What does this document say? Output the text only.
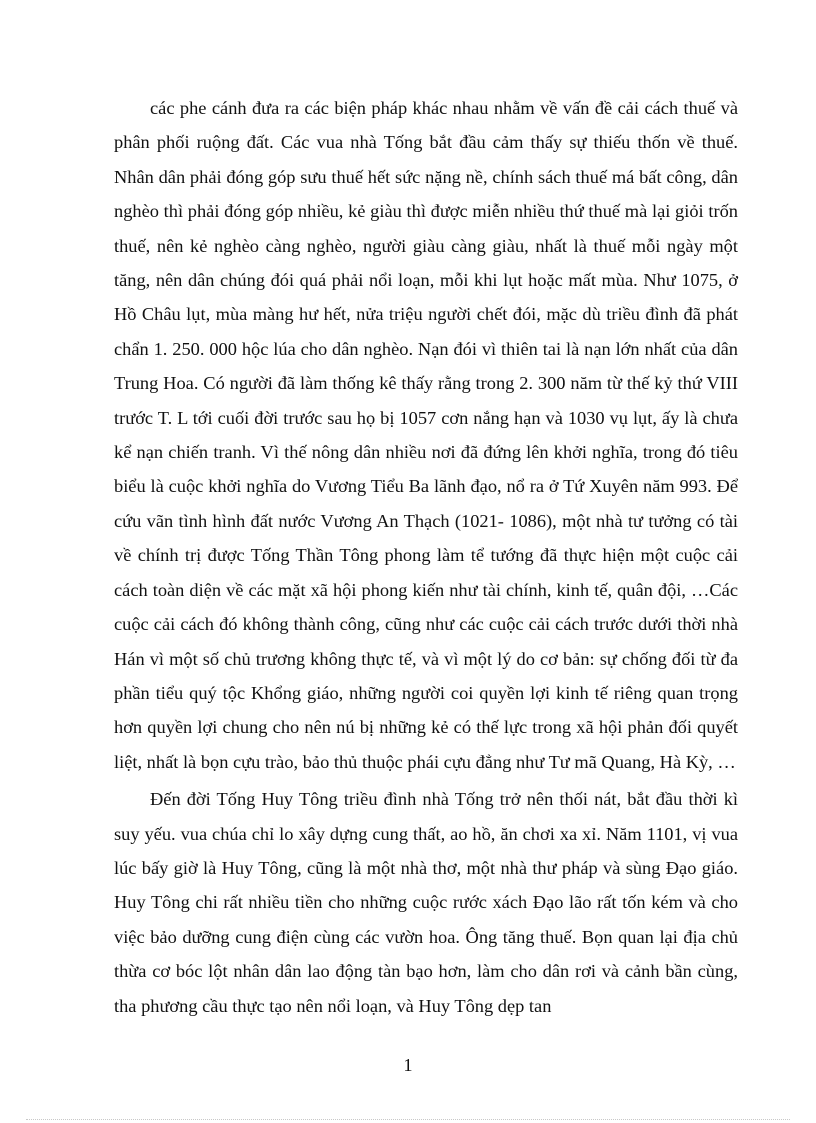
các phe cánh đưa ra các biện pháp khác nhau nhằm về vấn đề cải cách thuế và phân phối ruộng đất. Các vua nhà Tống bắt đầu cảm thấy sự thiếu thốn về thuế. Nhân dân phải đóng góp sưu thuế hết sức nặng nề, chính sách thuế má bất công, dân nghèo thì phải đóng góp nhiều, kẻ giàu thì được miễn nhiều thứ thuế mà lại giỏi trốn thuế, nên kẻ nghèo càng nghèo, người giàu càng giàu, nhất là thuế mỗi ngày một tăng, nên dân chúng đói quá phải nổi loạn, mỗi khi lụt hoặc mất mùa. Như 1075, ở Hồ Châu lụt, mùa màng hư hết, nửa triệu người chết đói, mặc dù triều đình đã phát chẩn 1. 250. 000 hộc lúa cho dân nghèo. Nạn đói vì thiên tai là nạn lớn nhất của dân Trung Hoa. Có người đã làm thống kê thấy rằng trong 2. 300 năm từ thế kỷ thứ VIII trước T. L tới cuối đời trước sau họ bị 1057 cơn nắng hạn và 1030 vụ lụt, ấy là chưa kể nạn chiến tranh. Vì thế nông dân nhiều nơi đã đứng lên khởi nghĩa, trong đó tiêu biểu là cuộc khởi nghĩa do Vương Tiểu Ba lãnh đạo, nổ ra ở Tứ Xuyên năm 993. Để cứu vãn tình hình đất nước Vương An Thạch (1021- 1086), một nhà tư tưởng có tài về chính trị được Tống Thần Tông phong làm tể tướng đã thực hiện một cuộc cải cách toàn diện về các mặt xã hội phong kiến như tài chính, kinh tế, quân đội, …Các cuộc cải cách đó không thành công, cũng như các cuộc cải cách trước dưới thời nhà Hán vì một số chủ trương không thực tế, và vì một lý do cơ bản: sự chống đối từ đa phần tiểu quý tộc Khổng giáo, những người coi quyền lợi kinh tế riêng quan trọng hơn quyền lợi chung cho nên nú bị những kẻ có thế lực trong xã hội phản đối quyết liệt, nhất là bọn cựu trào, bảo thủ thuộc phái cựu đẳng như Tư mã Quang, Hà Kỳ, …

Đến đời Tống Huy Tông triều đình nhà Tống trở nên thối nát, bắt đầu thời kì suy yếu. vua chúa chỉ lo xây dựng cung thất, ao hồ, ăn chơi xa xỉ. Năm 1101, vị vua lúc bấy giờ là Huy Tông, cũng là một nhà thơ, một nhà thư pháp và sùng Đạo giáo. Huy Tông chi rất nhiều tiền cho những cuộc rước xách Đạo lão rất tốn kém và cho việc bảo dưỡng cung điện cùng các vườn hoa. Ông tăng thuế. Bọn quan lại địa chủ thừa cơ bóc lột nhân dân lao động tàn bạo hơn, làm cho dân rơi và cảnh bần cùng, tha phương cầu thực tạo nên nổi loạn, và Huy Tông dẹp tan

1
